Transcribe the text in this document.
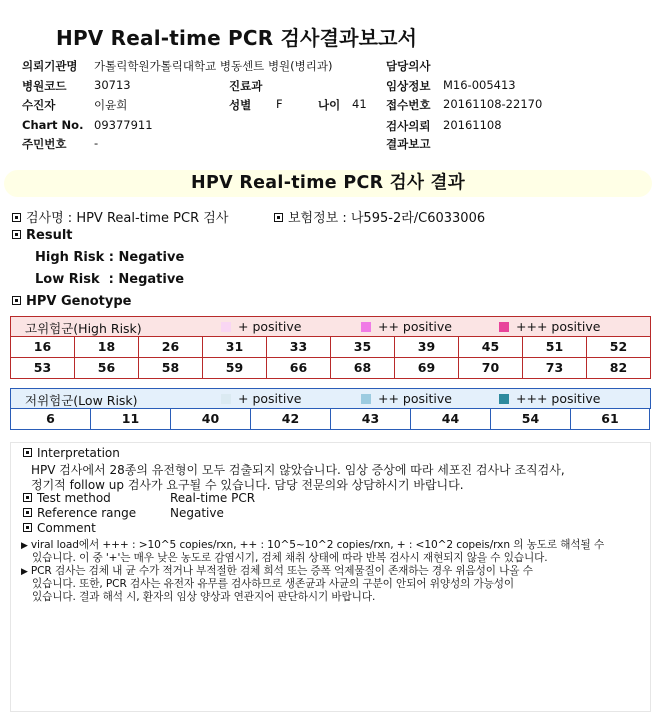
HPV Real-time PCR 검사결과보고서
의뢰기관명 가톨릭학원가톨릭대학교 병동센트 병원(병리과)	담당의사
병원코드 30713	진료과	임상정보 M16-005413
수진자	이윤희	성별 F	나이 41 접수번호 20161108-22170
Chart No. 09377911	검사의뢰 20161108
주민번호 -	결과보고
HPV Real-time PCR 검사 결과
검사명 : HPV Real-time PCR 검사	보험정보 : 나595-2라/C6033006
Result
High Risk : Negative
Low Risk  : Negative
HPV Genotype
고위험군(High Risk)	+ positive	++ positive	+++ positive
16	18	26	31	33	35	39	45	51	52
53	56	58	59	66	68	69	70	73	82
저위험군(Low Risk)	+ positive	++ positive	+++ positive
6	11	40	42	43	44	54	61
Interpretation
HPV 검사에서 28종의 유전형이 모두 검출되지 않았습니다. 임상 증상에 따라 세포진 검사나 조직검사,
정기적 follow up 검사가 요구될 수 있습니다. 담당 전문의와 상담하시기 바랍니다.
Test method	Real-time PCR
Reference range	Negative
Comment
▶ viral load에서 +++ : >10^5 copies/rxn, ++ : 10^5~10^2 copies/rxn, + : <10^2 copeis/rxn 의 농도로 해석될 수
있습니다. 이 중 '+'는 매우 낮은 농도로 감염시기, 검체 채취 상태에 따라 반복 검사시 재현되지 않을 수 있습니다.
▶ PCR 검사는 검체 내 균 수가 적거나 부적절한 검체 희석 또는 증폭 억제물질이 존재하는 경우 위음성이 나올 수
있습니다. 또한, PCR 검사는 유전자 유무를 검사하므로 생존균과 사균의 구분이 안되어 위양성의 가능성이
있습니다. 결과 해석 시, 환자의 임상 양상과 연관지어 판단하시기 바랍니다.
